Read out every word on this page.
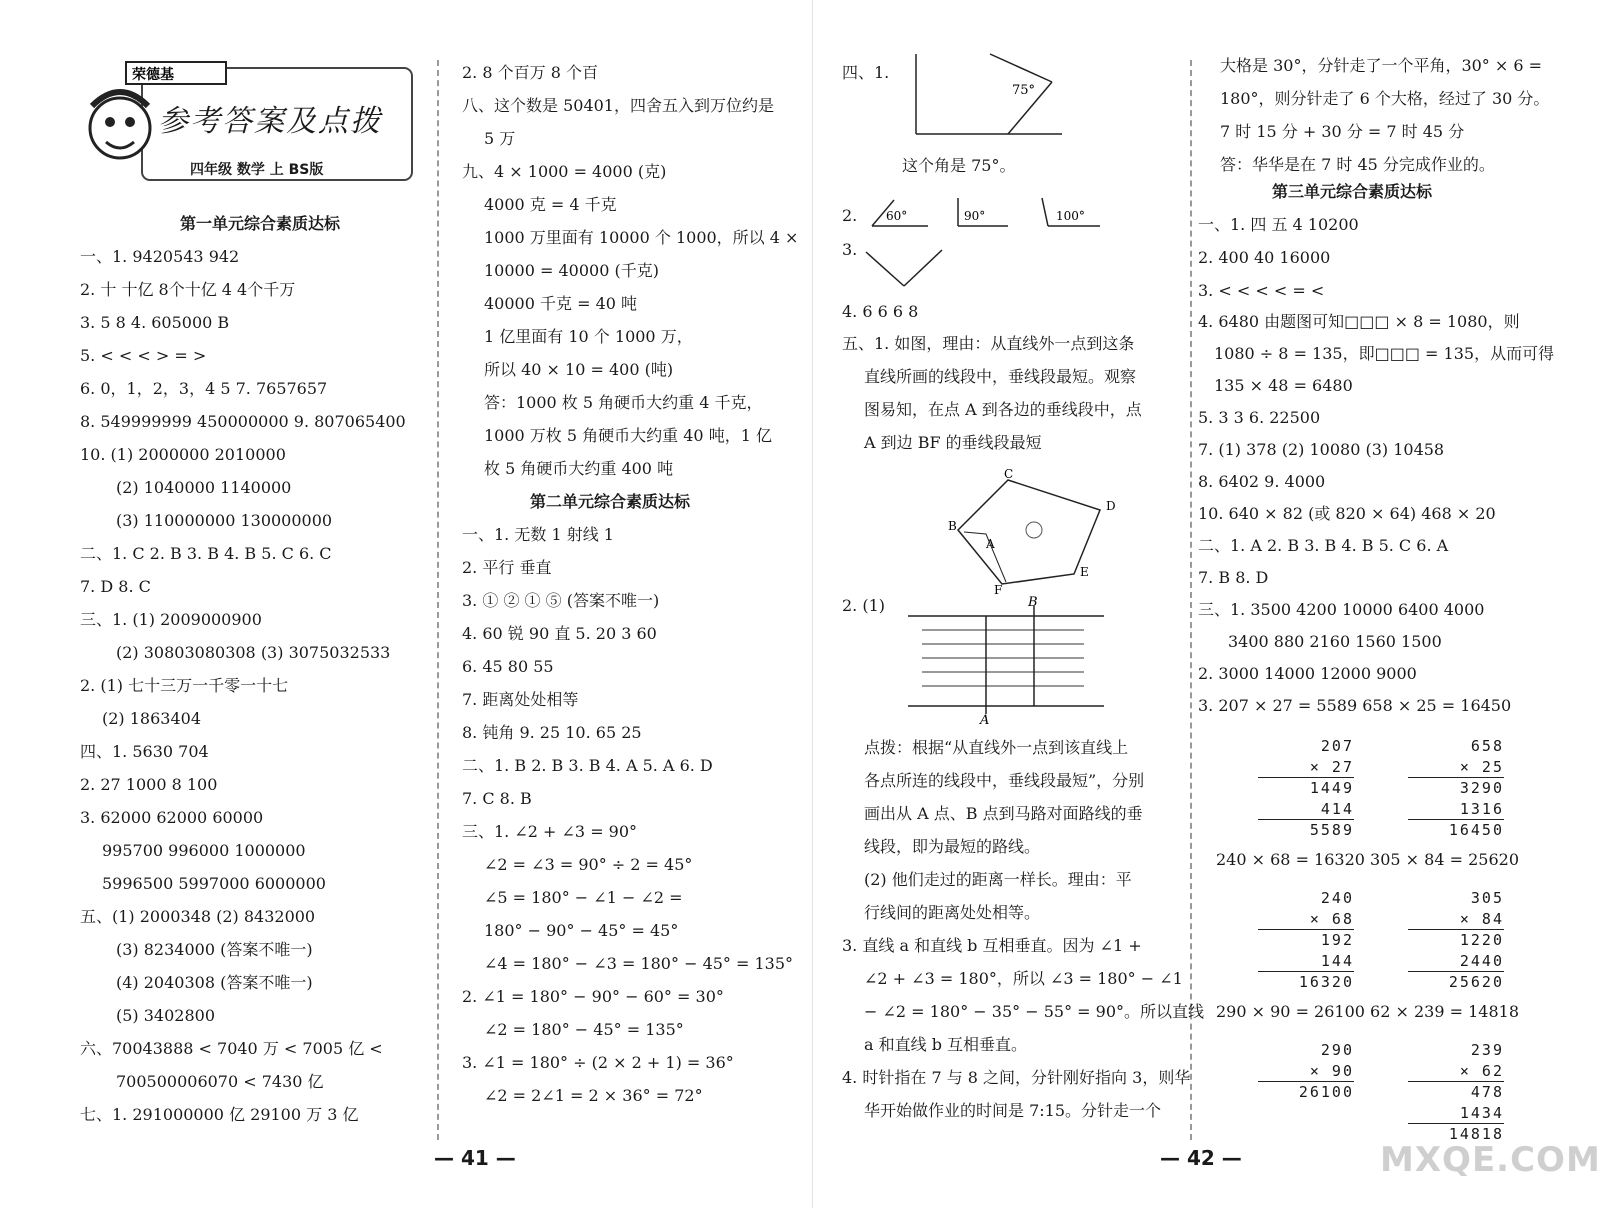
荣德基
参考答案及点拨
四年级 数学 上 BS版
第一单元综合素质达标
一、1. 9420543 942
2. 十 十亿 8个十亿 4 4个千万
3. 5 8 4. 605000 B
5. < < < > = >
6. 0，1，2，3，4 5 7. 7657657
8. 549999999 450000000 9. 807065400
10. (1) 2000000 2010000
(2) 1040000 1140000
(3) 110000000 130000000
二、1. C 2. B 3. B 4. B 5. C 6. C
7. D 8. C
三、1. (1) 2009000900
(2) 30803080308 (3) 3075032533
2. (1) 七十三万一千零一十七
(2) 1863404
四、1. 5630 704
2. 27 1000 8 100
3. 62000 62000 60000
995700 996000 1000000
5996500 5997000 6000000
五、(1) 2000348 (2) 8432000
(3) 8234000 (答案不唯一)
(4) 2040308 (答案不唯一)
(5) 3402800
六、70043888 < 7040 万 < 7005 亿 <
700500006070 < 7430 亿
七、1. 291000000 亿 29100 万 3 亿
2. 8 个百万 8 个百
八、这个数是 50401，四舍五入到万位约是
5 万
九、4 × 1000 = 4000 (克)
4000 克 = 4 千克
1000 万里面有 10000 个 1000，所以 4 ×
10000 = 40000 (千克)
40000 千克 = 40 吨
1 亿里面有 10 个 1000 万，
所以 40 × 10 = 400 (吨)
答：1000 枚 5 角硬币大约重 4 千克，
1000 万枚 5 角硬币大约重 40 吨，1 亿
枚 5 角硬币大约重 400 吨
第二单元综合素质达标
一、1. 无数 1 射线 1
2. 平行 垂直
3. ① ② ① ⑤ (答案不唯一)
4. 60 锐 90 直 5. 20 3 60
6. 45 80 55
7. 距离处处相等
8. 钝角 9. 25 10. 65 25
二、1. B 2. B 3. B 4. A 5. A 6. D
7. C 8. B
三、1. ∠2 + ∠3 = 90°
∠2 = ∠3 = 90° ÷ 2 = 45°
∠5 = 180° − ∠1 − ∠2 =
180° − 90° − 45° = 45°
∠4 = 180° − ∠3 = 180° − 45° = 135°
2. ∠1 = 180° − 90° − 60° = 30°
∠2 = 180° − 45° = 135°
3. ∠1 = 180° ÷ (2 × 2 + 1) = 36°
∠2 = 2∠1 = 2 × 36° = 72°
四、1.
这个角是 75°。
2.
3.
4. 6 6 6 8
五、1. 如图，理由：从直线外一点到这条
直线所画的线段中，垂线段最短。观察
图易知，在点 A 到各边的垂线段中，点
A 到边 BF 的垂线段最短
2. (1)
点拨：根据“从直线外一点到该直线上
各点所连的线段中，垂线段最短”，分别
画出从 A 点、B 点到马路对面路线的垂
线段，即为最短的路线。
(2) 他们走过的距离一样长。理由：平
行线间的距离处处相等。
3. 直线 a 和直线 b 互相垂直。因为 ∠1 +
∠2 + ∠3 = 180°，所以 ∠3 = 180° − ∠1
− ∠2 = 180° − 35° − 55° = 90°。所以直线
a 和直线 b 互相垂直。
4. 时针指在 7 与 8 之间，分针刚好指向 3，则华
华开始做作业的时间是 7:15。分针走一个
大格是 30°，分针走了一个平角，30° × 6 =
180°，则分针走了 6 个大格，经过了 30 分。
7 时 15 分 + 30 分 = 7 时 45 分
答：华华是在 7 时 45 分完成作业的。
第三单元综合素质达标
一、1. 四 五 4 10200
2. 400 40 16000
3. < < < < = <
4. 6480 由题图可知□□□ × 8 = 1080，则
1080 ÷ 8 = 135，即□□□ = 135，从而可得
135 × 48 = 6480
5. 3 3 6. 22500
7. (1) 378 (2) 10080 (3) 10458
8. 6402 9. 4000
10. 640 × 82 (或 820 × 64) 468 × 20
二、1. A 2. B 3. B 4. B 5. C 6. A
7. B 8. D
三、1. 3500 4200 10000 6400 4000
3400 880 2160 1560 1500
2. 3000 14000 12000 9000
3. 207 × 27 = 5589 658 × 25 = 16450
240 × 68 = 16320 305 × 84 = 25620
290 × 90 = 26100 62 × 239 = 14818
207
× 27
1449
414
5589
658
× 25
3290
1316
16450
240
× 68
192
144
16320
305
× 84
1220
2440
25620
290
× 90
26100
239
× 62
478
1434
14818
75°
60°	90°	100°
C
B
A
F
E
D
B
A
— 41 —	— 42 —	MXQE.COM
